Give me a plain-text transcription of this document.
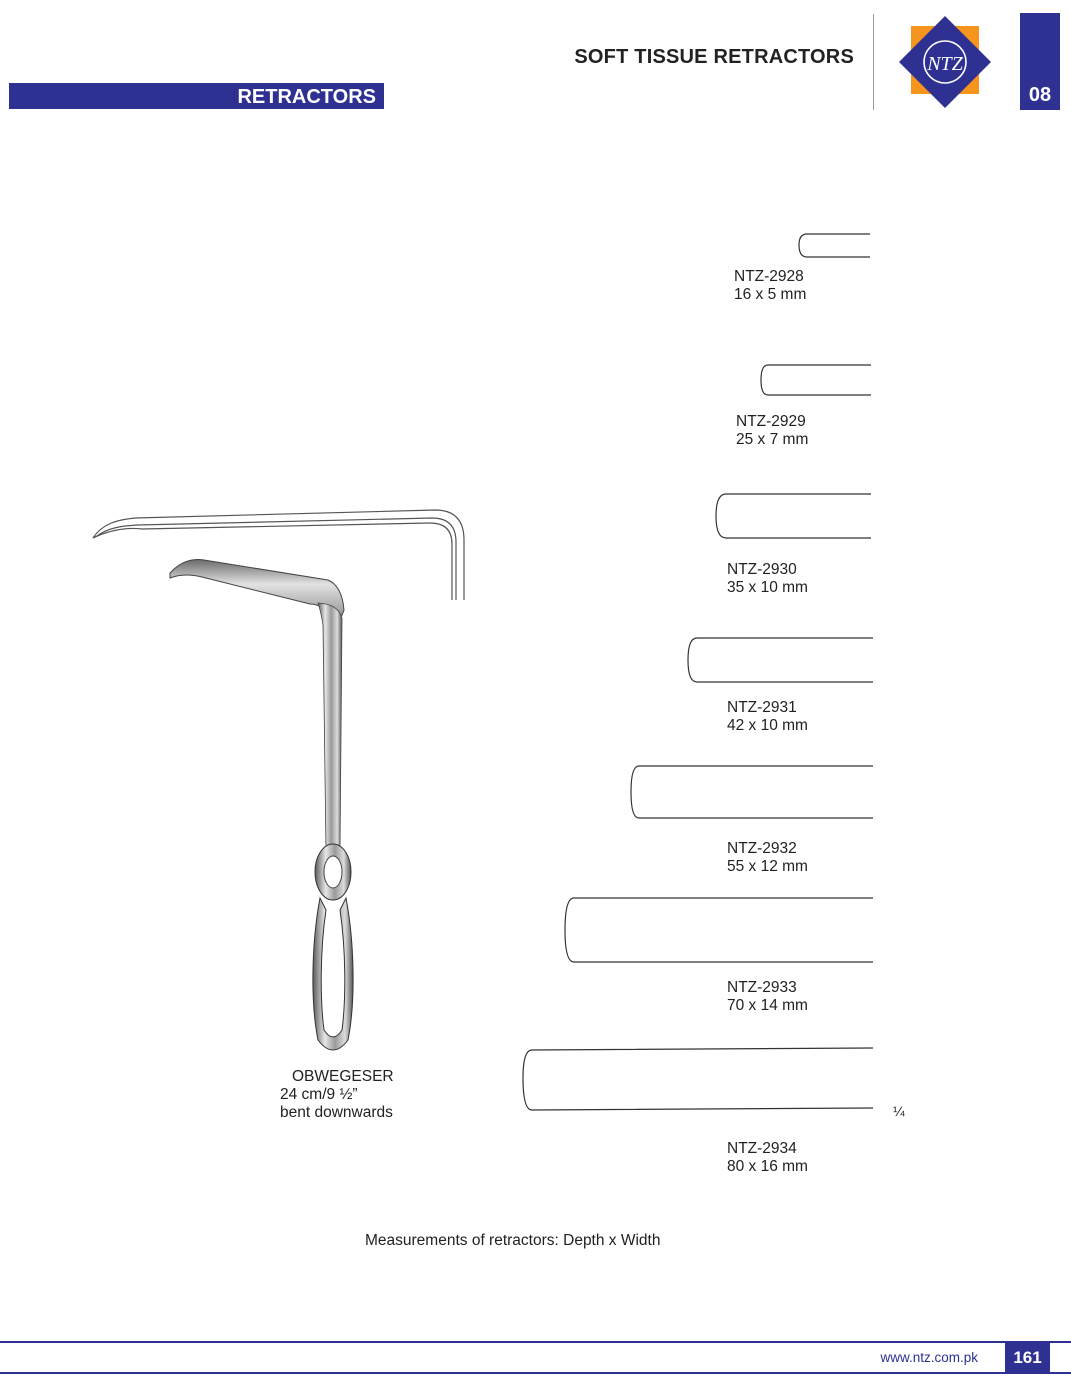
RETRACTORS
SOFT TISSUE RETRACTORS	NTZ
08
OBWEGESER
24 cm/9 ½”
bent downwards
NTZ-2928
16 x 5 mm
NTZ-2929
25 x 7 mm
NTZ-2930
35 x 10 mm
NTZ-2931
42 x 10 mm
NTZ-2932
55 x 12 mm
NTZ-2933
70 x 14 mm
NTZ-2934
80 x 16 mm
¼
Measurements of retractors: Depth x Width
www.ntz.com.pk	161
